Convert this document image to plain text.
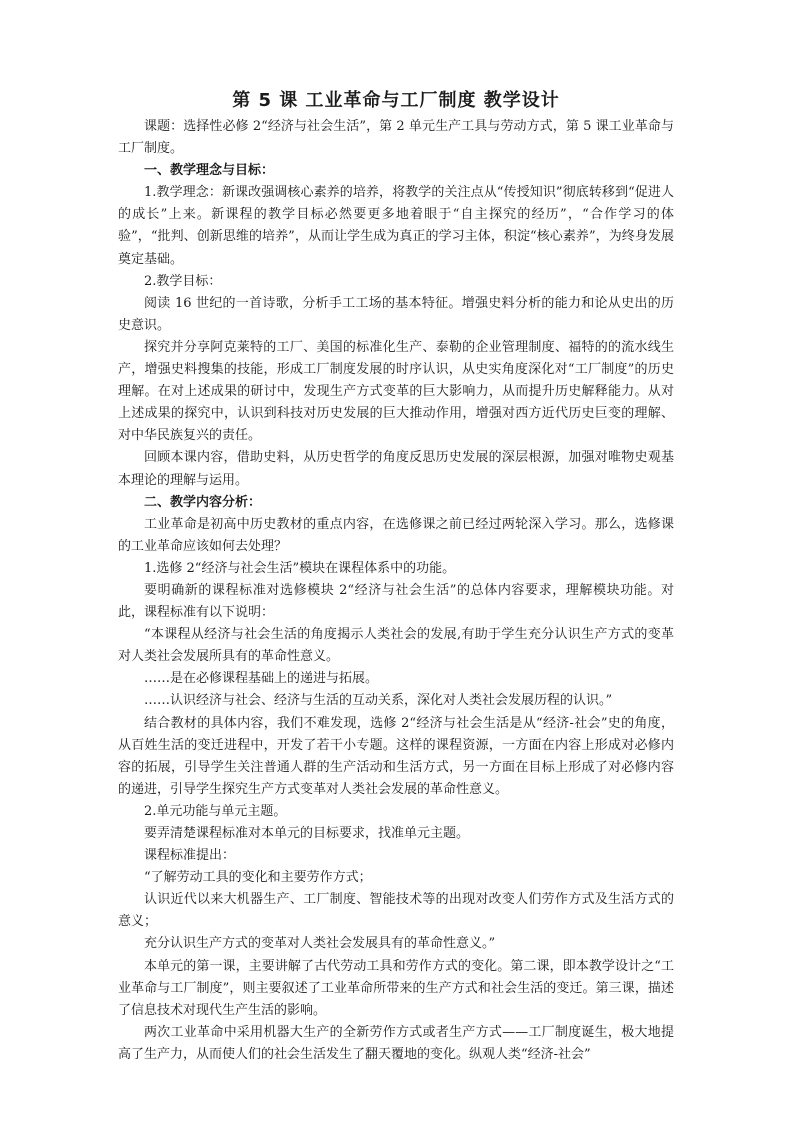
第 5 课 工业革命与工厂制度 教学设计

课题：选择性必修 2“经济与社会生活”，第 2 单元生产工具与劳动方式，第 5 课工业革命与工厂制度。

一、教学理念与目标：

1.教学理念：新课改强调核心素养的培养，将教学的关注点从“传授知识”彻底转移到“促进人的成长”上来。新课程的教学目标必然要更多地着眼于“自主探究的经历”，“合作学习的体验”，“批判、创新思维的培养”，从而让学生成为真正的学习主体，积淀“核心素养”，为终身发展奠定基础。

2.教学目标：

阅读 16 世纪的一首诗歌，分析手工工场的基本特征。增强史料分析的能力和论从史出的历史意识。

探究并分享阿克莱特的工厂、美国的标准化生产、泰勒的企业管理制度、福特的的流水线生产，增强史料搜集的技能，形成工厂制度发展的时序认识，从史实角度深化对“工厂制度”的历史理解。在对上述成果的研讨中，发现生产方式变革的巨大影响力，从而提升历史解释能力。从对上述成果的探究中，认识到科技对历史发展的巨大推动作用，增强对西方近代历史巨变的理解、对中华民族复兴的责任。

回顾本课内容，借助史料，从历史哲学的角度反思历史发展的深层根源，加强对唯物史观基本理论的理解与运用。

二、教学内容分析：

工业革命是初高中历史教材的重点内容，在选修课之前已经过两轮深入学习。那么，选修课的工业革命应该如何去处理？

1.选修 2“经济与社会生活”模块在课程体系中的功能。

要明确新的课程标准对选修模块 2“经济与社会生活”的总体内容要求，理解模块功能。对此，课程标准有以下说明：

“本课程从经济与社会生活的角度揭示人类社会的发展,有助于学生充分认识生产方式的变革对人类社会发展所具有的革命性意义。

……是在必修课程基础上的递进与拓展。

……认识经济与社会、经济与生活的互动关系，深化对人类社会发展历程的认识。”

结合教材的具体内容，我们不难发现，选修 2“经济与社会生活是从“经济-社会”史的角度，从百姓生活的变迁进程中，开发了若干小专题。这样的课程资源，一方面在内容上形成对必修内容的拓展，引导学生关注普通人群的生产活动和生活方式，另一方面在目标上形成了对必修内容的递进，引导学生探究生产方式变革对人类社会发展的革命性意义。

2.单元功能与单元主题。

要弄清楚课程标准对本单元的目标要求，找准单元主题。

课程标准提出：

“了解劳动工具的变化和主要劳作方式；

认识近代以来大机器生产、工厂制度、智能技术等的出现对改变人们劳作方式及生活方式的意义；

充分认识生产方式的变革对人类社会发展具有的革命性意义。”

本单元的第一课，主要讲解了古代劳动工具和劳作方式的变化。第二课，即本教学设计之“工业革命与工厂制度”，则主要叙述了工业革命所带来的生产方式和社会生活的变迁。第三课，描述了信息技术对现代生产生活的影响。

两次工业革命中采用机器大生产的全新劳作方式或者生产方式——工厂制度诞生，极大地提高了生产力，从而使人们的社会生活发生了翻天覆地的变化。纵观人类“经济-社会”
